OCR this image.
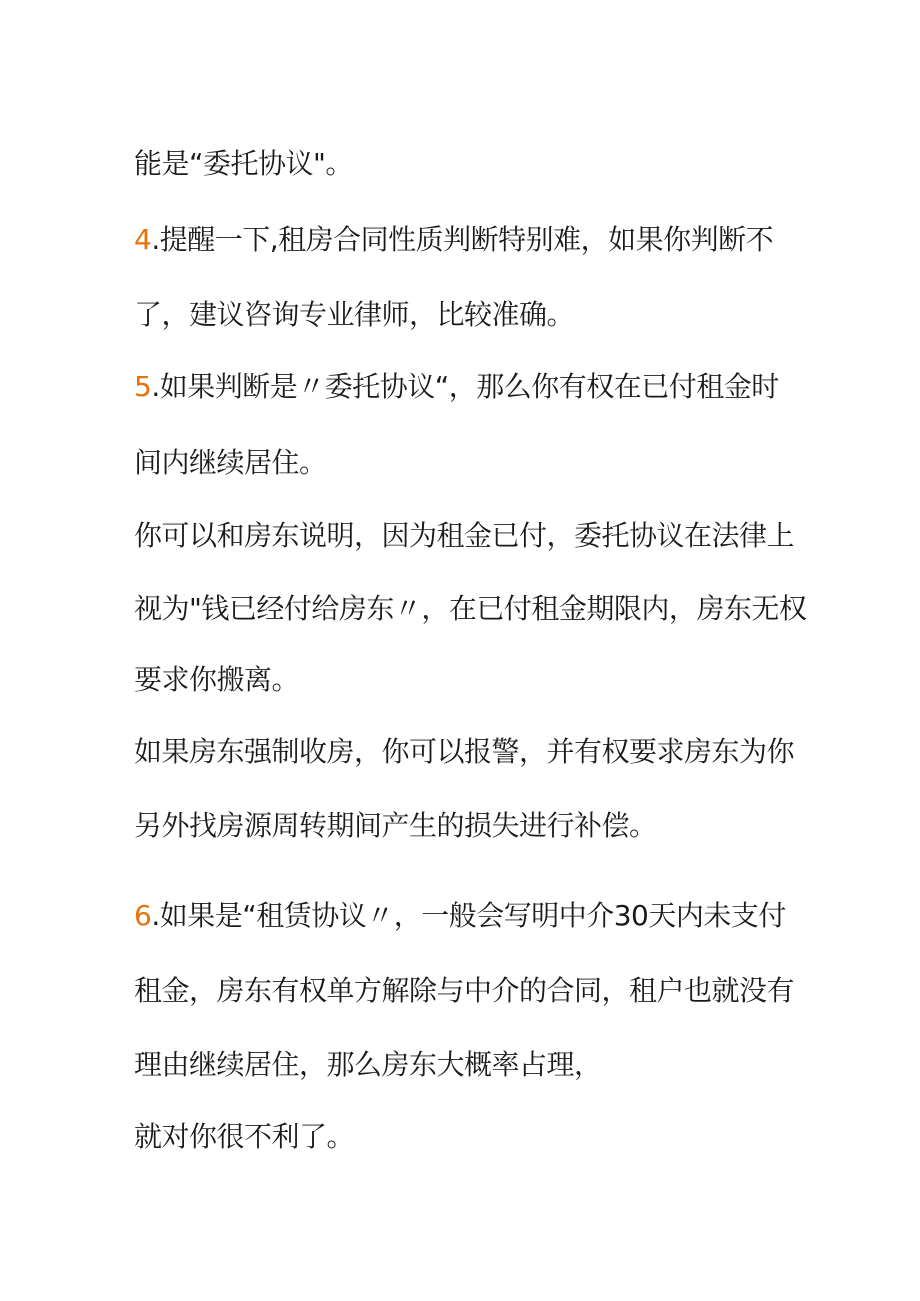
能是“委托协议"。
4.提醒一下,租房合同性质判断特别难，如果你判断不
了，建议咨询专业律师，比较准确。
5.如果判断是〃委托协议“，那么你有权在已付租金时
间内继续居住。
你可以和房东说明，因为租金已付，委托协议在法律上
视为"钱已经付给房东〃，在已付租金期限内，房东无权
要求你搬离。
如果房东强制收房，你可以报警，并有权要求房东为你
另外找房源周转期间产生的损失进行补偿。
6.如果是“租赁协议〃，一般会写明中介30天内未支付
租金，房东有权单方解除与中介的合同，租户也就没有
理由继续居住，那么房东大概率占理，
就对你很不利了。
